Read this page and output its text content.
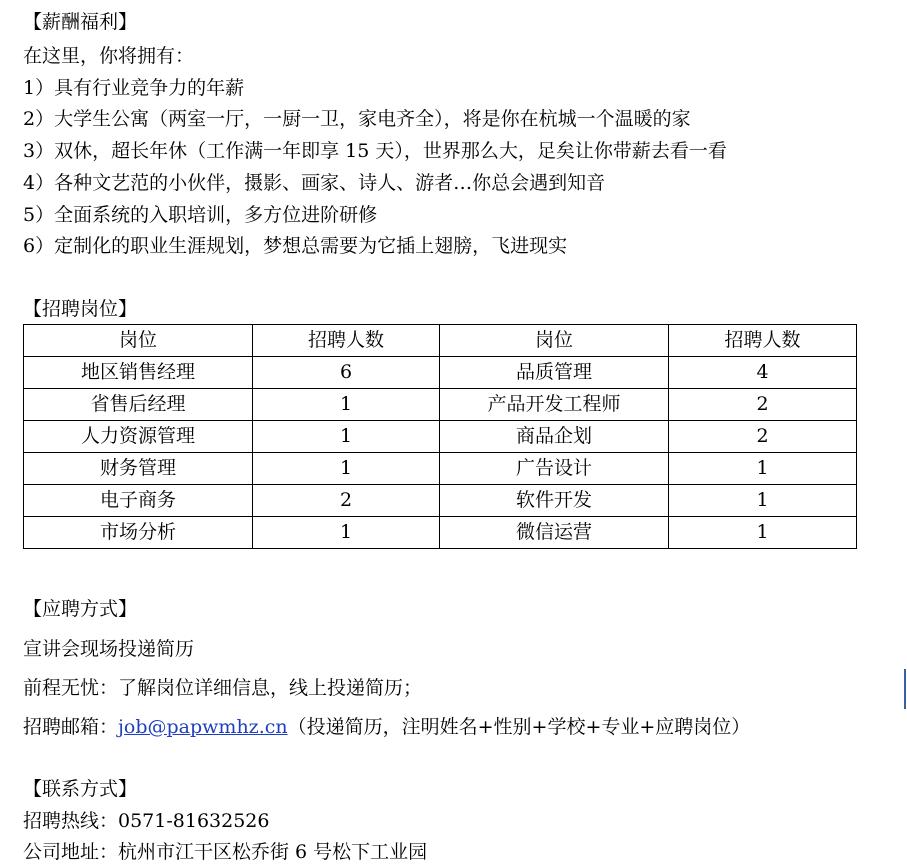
【薪酬福利】
在这里，你将拥有：
1）具有行业竞争力的年薪
2）大学生公寓（两室一厅，一厨一卫，家电齐全），将是你在杭城一个温暖的家
3）双休，超长年休（工作满一年即享 15 天），世界那么大，足矣让你带薪去看一看
4）各种文艺范的小伙伴，摄影、画家、诗人、游者…你总会遇到知音
5）全面系统的入职培训，多方位进阶研修
6）定制化的职业生涯规划，梦想总需要为它插上翅膀，飞进现实
【招聘岗位】
岗位	招聘人数	岗位	招聘人数
地区销售经理	6	品质管理	4
省售后经理	1	产品开发工程师	2
人力资源管理	1	商品企划	2
财务管理	1	广告设计	1
电子商务	2	软件开发	1
市场分析	1	微信运营	1
【应聘方式】
宣讲会现场投递简历
前程无忧：了解岗位详细信息，线上投递简历；
招聘邮箱：job@papwmhz.cn（投递简历，注明姓名+性别+学校+专业+应聘岗位）
【联系方式】
招聘热线：0571-81632526
公司地址：杭州市江干区松乔街 6 号松下工业园
